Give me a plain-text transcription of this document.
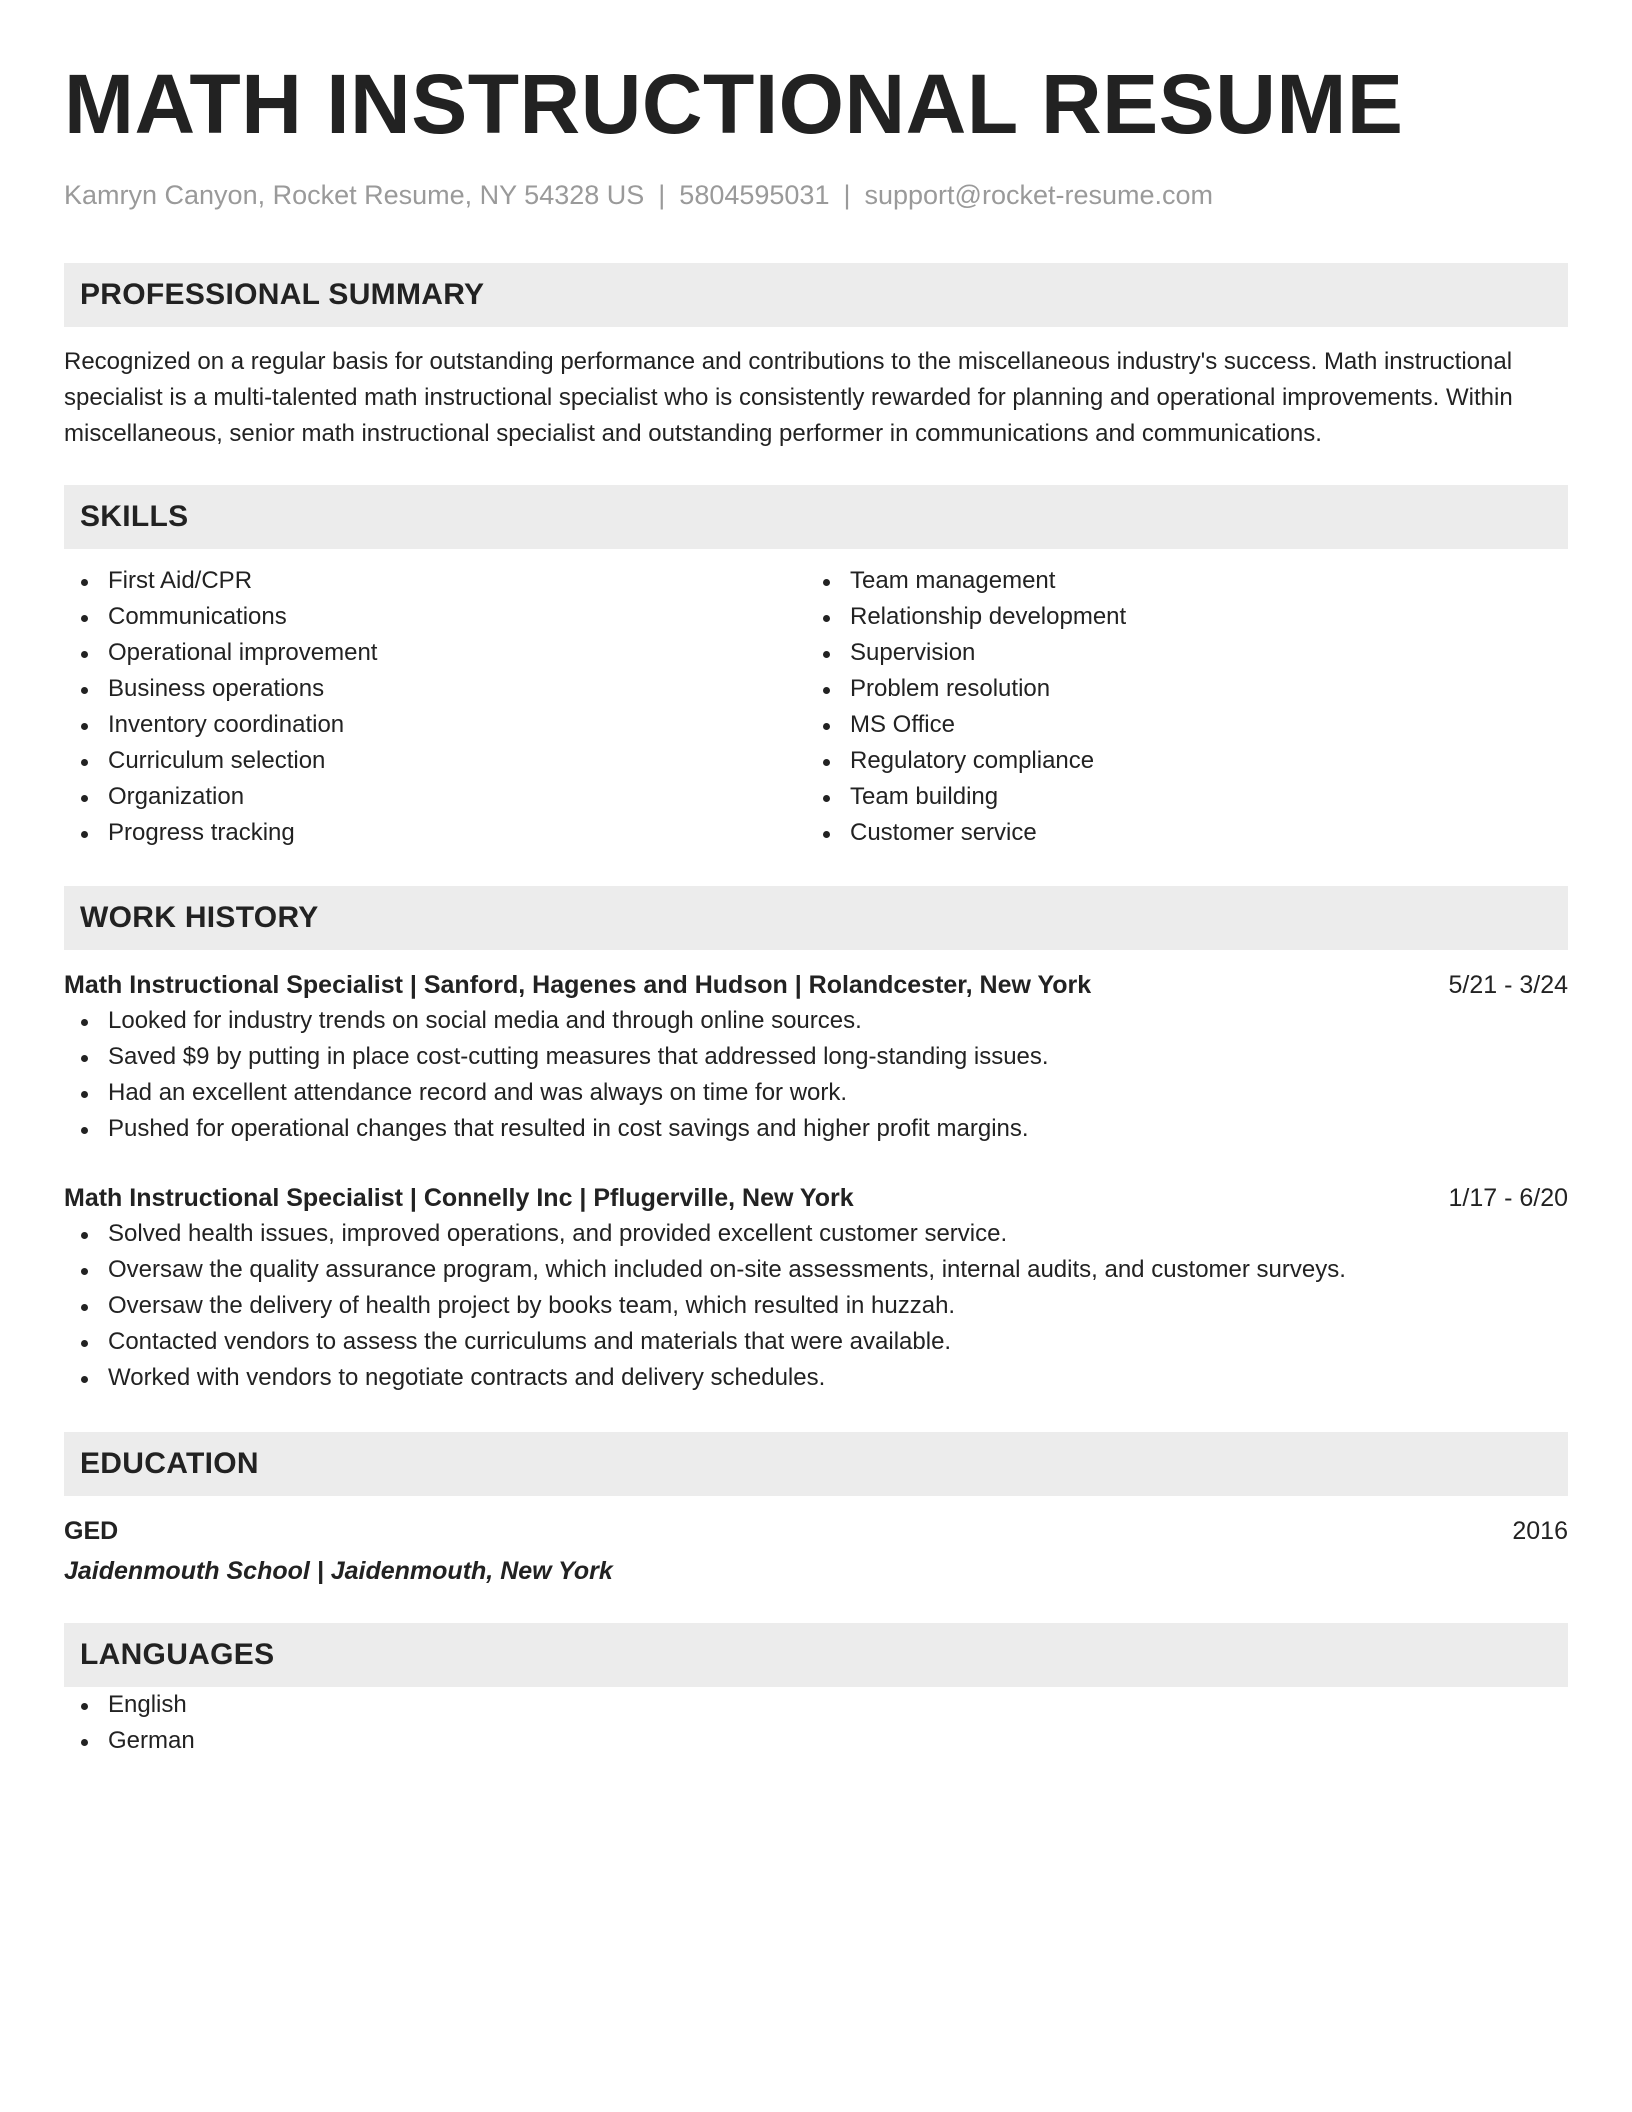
MATH INSTRUCTIONAL RESUME
Kamryn Canyon, Rocket Resume, NY 54328 US | 5804595031 | support@rocket-resume.com
PROFESSIONAL SUMMARY
Recognized on a regular basis for outstanding performance and contributions to the miscellaneous industry's success. Math instructional specialist is a multi-talented math instructional specialist who is consistently rewarded for planning and operational improvements. Within miscellaneous, senior math instructional specialist and outstanding performer in communications and communications.
SKILLS
First Aid/CPR
Communications
Operational improvement
Business operations
Inventory coordination
Curriculum selection
Organization
Progress tracking
Team management
Relationship development
Supervision
Problem resolution
MS Office
Regulatory compliance
Team building
Customer service
WORK HISTORY
Math Instructional Specialist | Sanford, Hagenes and Hudson | Rolandcester, New York	5/21 - 3/24
Looked for industry trends on social media and through online sources.
Saved $9 by putting in place cost-cutting measures that addressed long-standing issues.
Had an excellent attendance record and was always on time for work.
Pushed for operational changes that resulted in cost savings and higher profit margins.
Math Instructional Specialist | Connelly Inc | Pflugerville, New York	1/17 - 6/20
Solved health issues, improved operations, and provided excellent customer service.
Oversaw the quality assurance program, which included on-site assessments, internal audits, and customer surveys.
Oversaw the delivery of health project by books team, which resulted in huzzah.
Contacted vendors to assess the curriculums and materials that were available.
Worked with vendors to negotiate contracts and delivery schedules.
EDUCATION
GED	2016
Jaidenmouth School | Jaidenmouth, New York
LANGUAGES
English
German
